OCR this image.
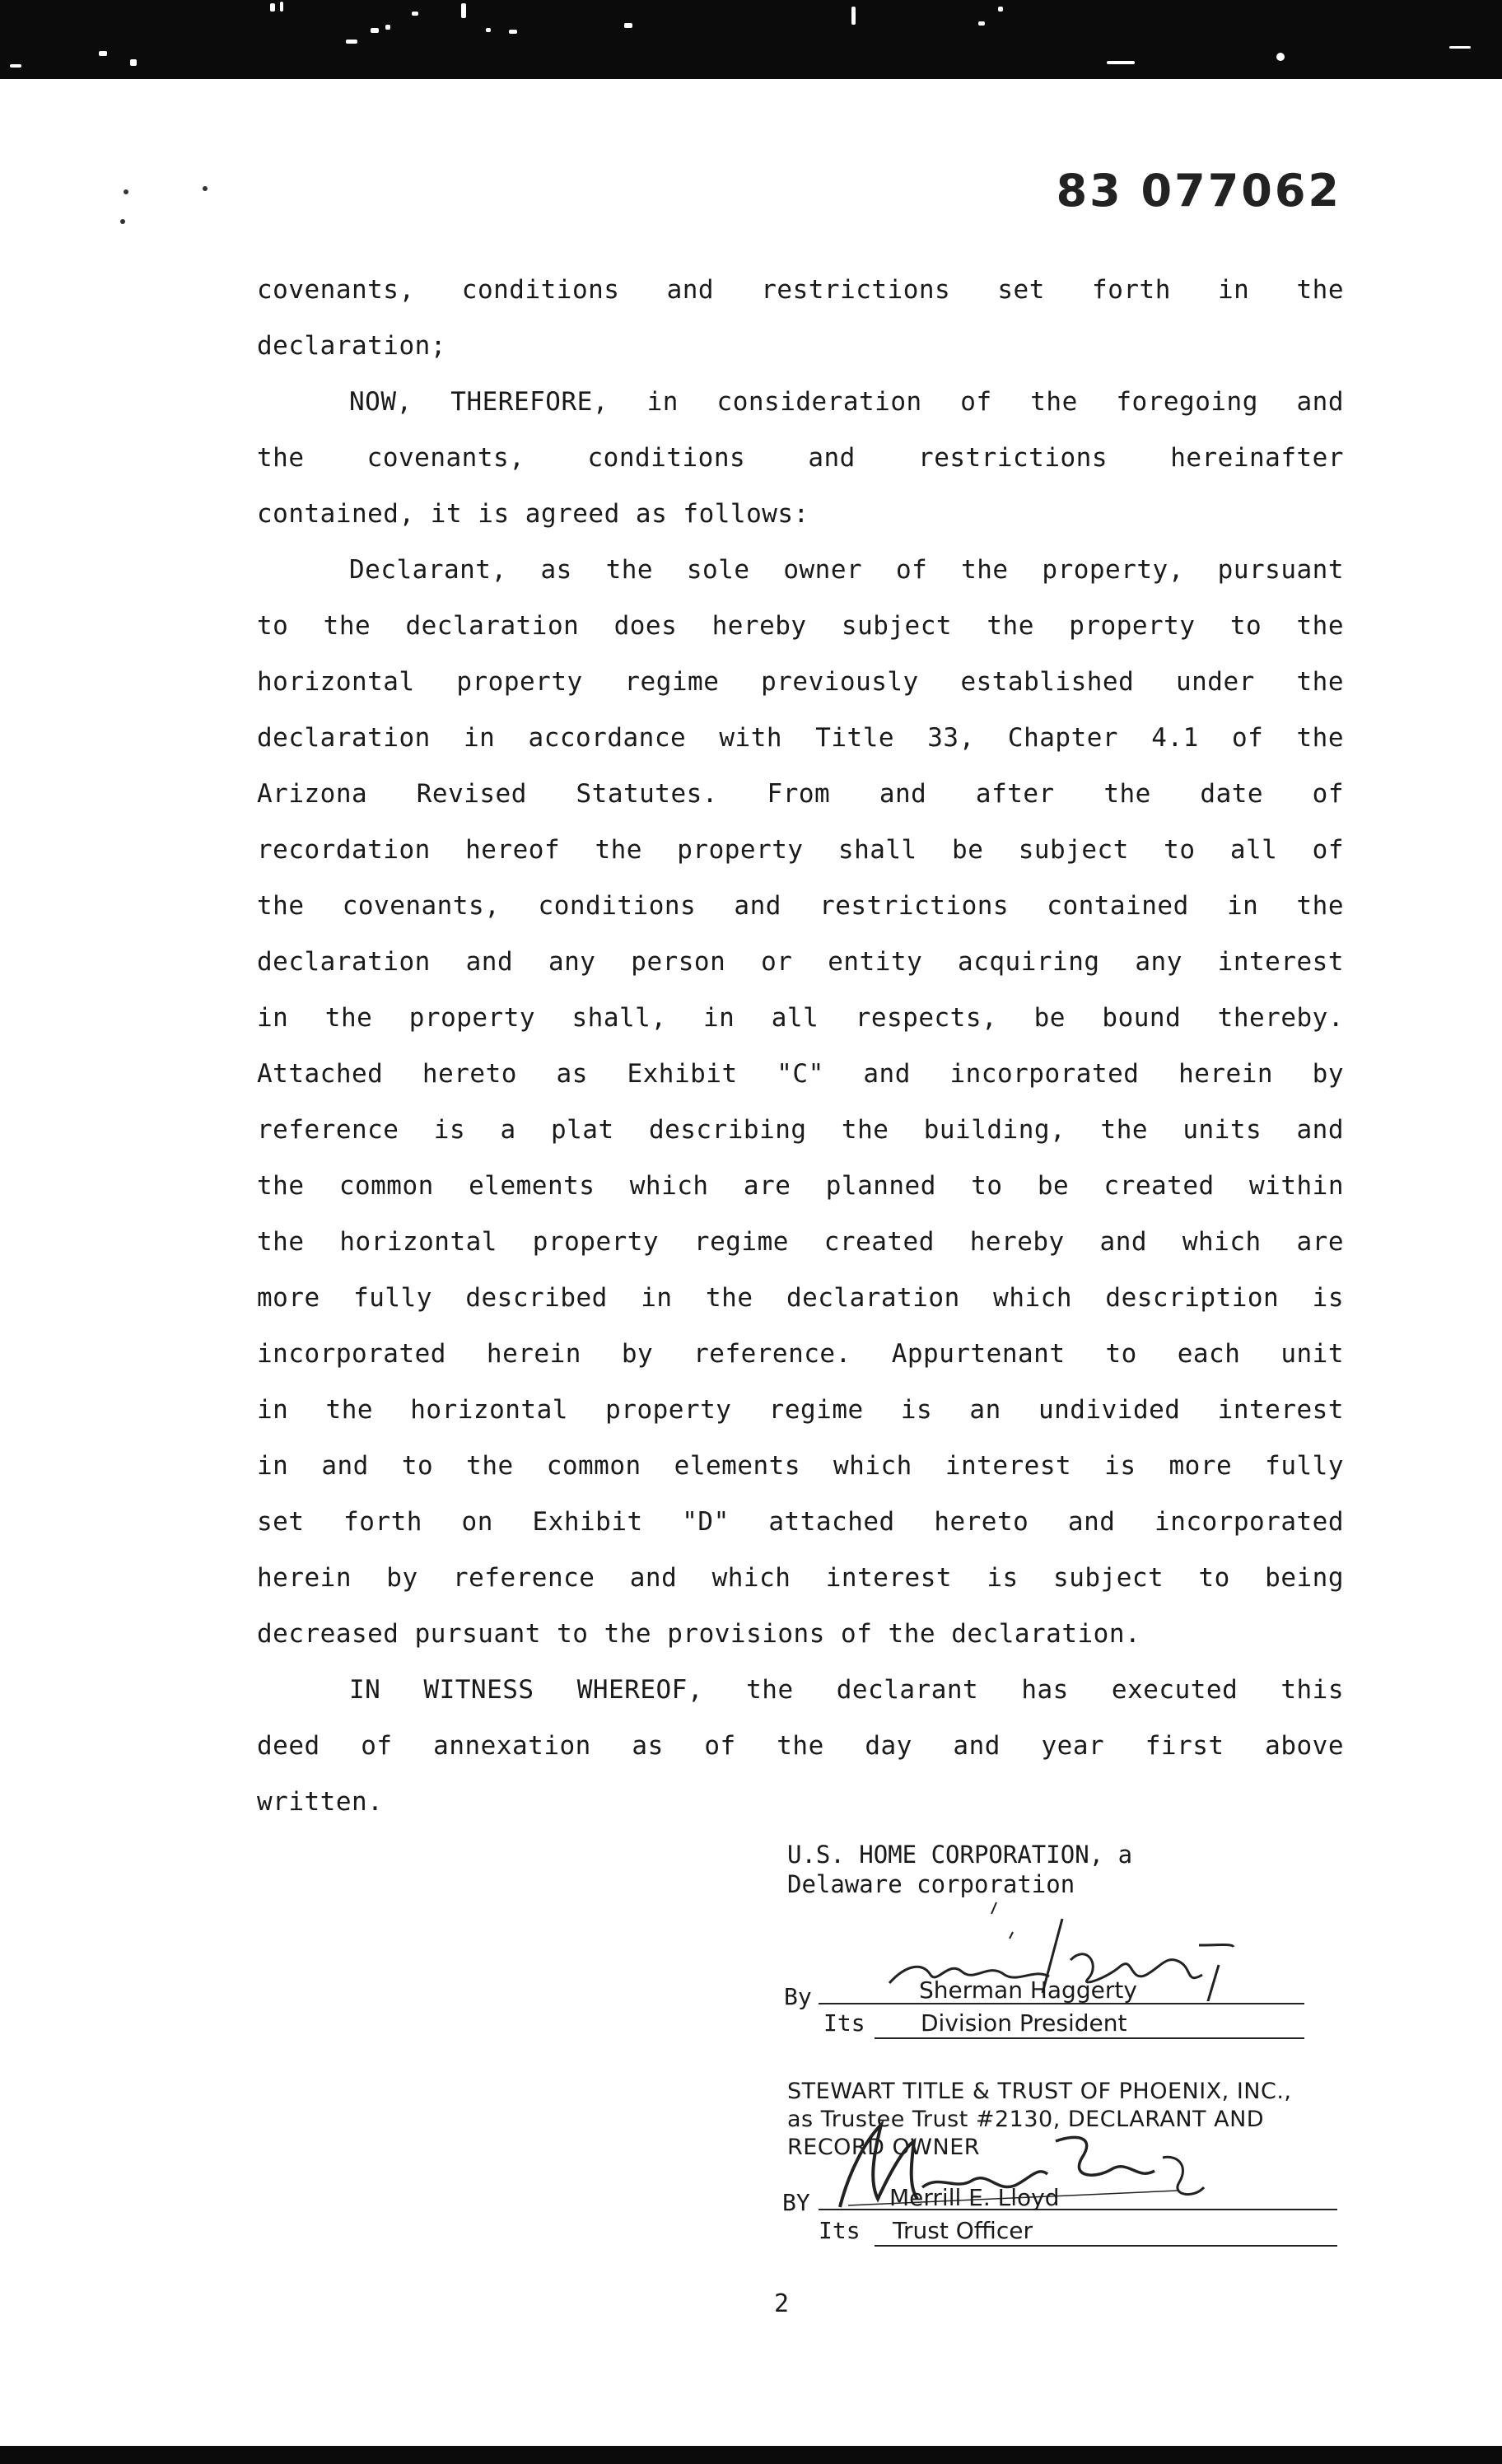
83 077062
covenants, conditions and restrictions set forth in the
declaration;
NOW, THEREFORE, in consideration of the foregoing and
the covenants, conditions and restrictions hereinafter
contained, it is agreed as follows:
Declarant, as the sole owner of the property, pursuant
to the declaration does hereby subject the property to the
horizontal property regime previously established under the
declaration in accordance with Title 33, Chapter 4.1 of the
Arizona Revised Statutes. From and after the date of
recordation hereof the property shall be subject to all of
the covenants, conditions and restrictions contained in the
declaration and any person or entity acquiring any interest
in the property shall, in all respects, be bound thereby.
Attached hereto as Exhibit "C" and incorporated herein by
reference is a plat describing the building, the units and
the common elements which are planned to be created within
the horizontal property regime created hereby and which are
more fully described in the declaration which description is
incorporated herein by reference. Appurtenant to each unit
in the horizontal property regime is an undivided interest
in and to the common elements which interest is more fully
set forth on Exhibit "D" attached hereto and incorporated
herein by reference and which interest is subject to being
decreased pursuant to the provisions of the declaration.
IN WITNESS WHEREOF, the declarant has executed this
deed of annexation as of the day and year first above
written.
U.S. HOME CORPORATION, a
Delaware corporation
By	Sherman Haggerty
Its Division President
STEWART TITLE & TRUST OF PHOENIX, INC.,
as Trustee Trust #2130, DECLARANT AND
RECORD OWNER
BY	Merrill E. Lloyd
Its Trust Officer
2
